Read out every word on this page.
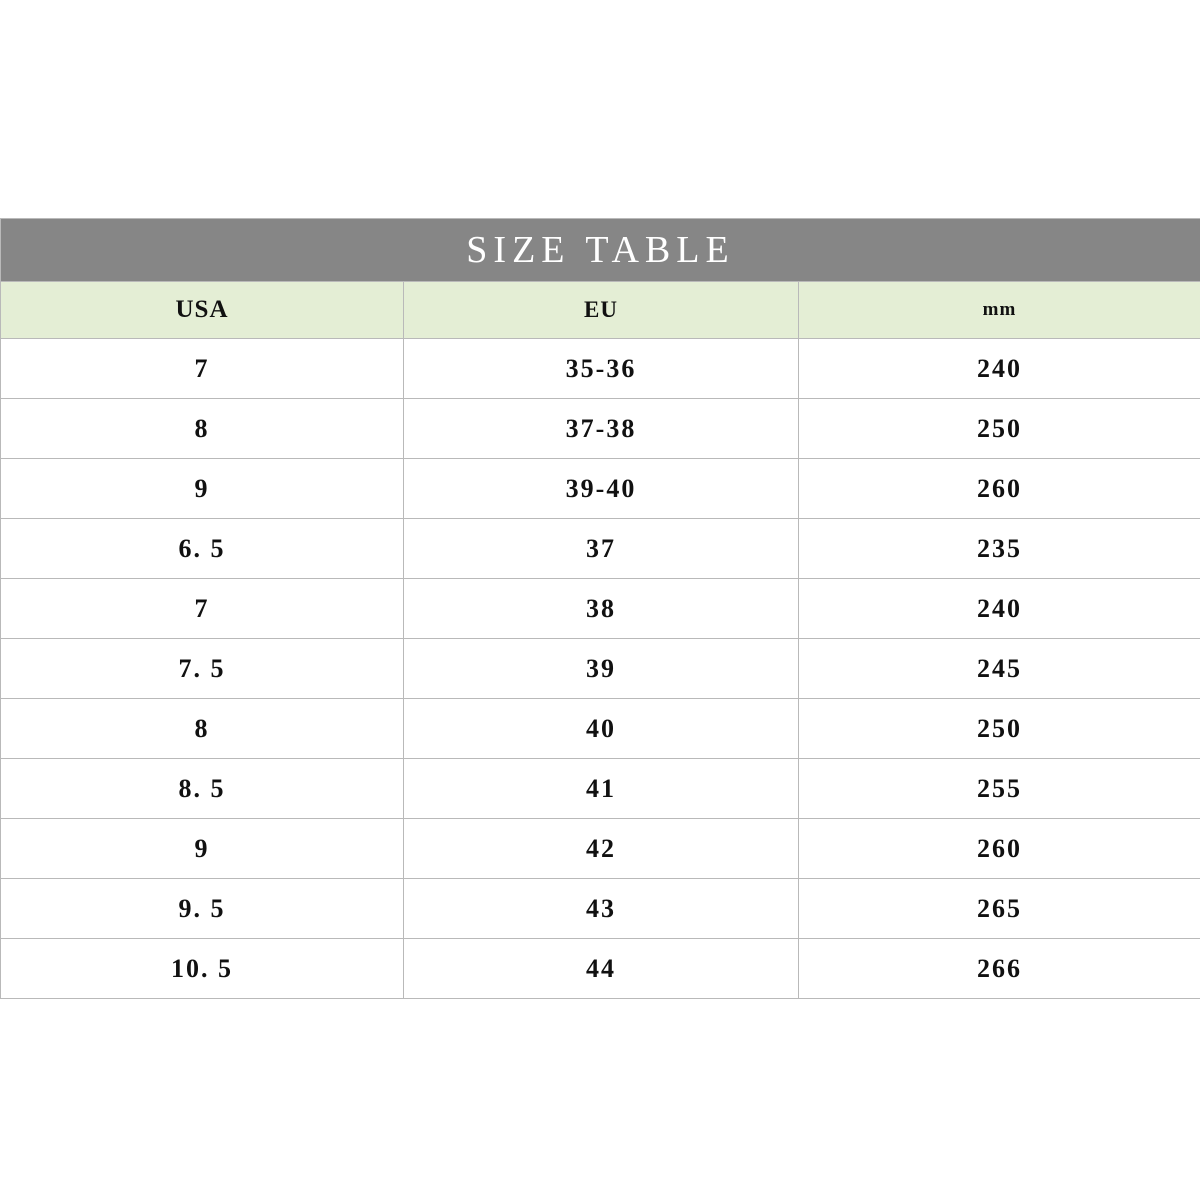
SIZE TABLE		
USA	EU	mm
7	35-36	240
8	37-38	250
9	39-40	260
6. 5	37	235
7	38	240
7. 5	39	245
8	40	250
8. 5	41	255
9	42	260
9. 5	43	265
10. 5	44	266
